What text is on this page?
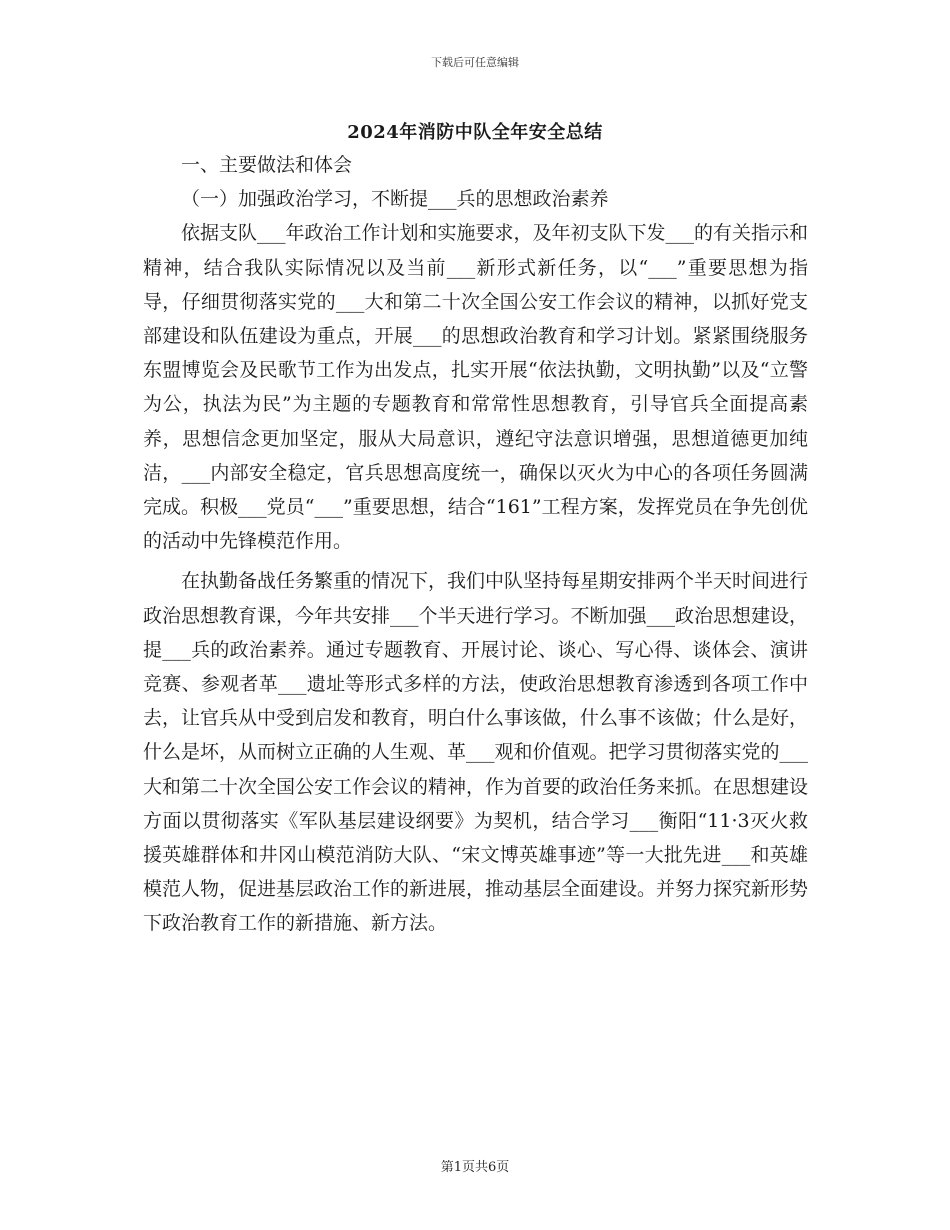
下载后可任意编辑
2024年消防中队全年安全总结

一、主要做法和体会

（一）加强政治学习，不断提___兵的思想政治素养

依据支队___年政治工作计划和实施要求，及年初支队下发___的有关指示和精神，结合我队实际情况以及当前___新形式新任务，以“___”重要思想为指导，仔细贯彻落实党的___大和第二十次全国公安工作会议的精神，以抓好党支部建设和队伍建设为重点，开展___的思想政治教育和学习计划。紧紧围绕服务东盟博览会及民歌节工作为出发点，扎实开展“依法执勤，文明执勤”以及“立警为公，执法为民”为主题的专题教育和常常性思想教育，引导官兵全面提高素养，思想信念更加坚定，服从大局意识，遵纪守法意识增强，思想道德更加纯洁，___内部安全稳定，官兵思想高度统一，确保以灭火为中心的各项任务圆满完成。积极___党员“___”重要思想，结合“161”工程方案，发挥党员在争先创优的活动中先锋模范作用。

在执勤备战任务繁重的情况下，我们中队坚持每星期安排两个半天时间进行政治思想教育课，今年共安排___个半天进行学习。不断加强___政治思想建设，提___兵的政治素养。通过专题教育、开展讨论、谈心、写心得、谈体会、演讲竞赛、参观者革___遗址等形式多样的方法，使政治思想教育渗透到各项工作中去，让官兵从中受到启发和教育，明白什么事该做，什么事不该做；什么是好，什么是坏，从而树立正确的人生观、革___观和价值观。把学习贯彻落实党的___大和第二十次全国公安工作会议的精神，作为首要的政治任务来抓。在思想建设方面以贯彻落实《军队基层建设纲要》为契机，结合学习___衡阳“11·3灭火救援英雄群体和井冈山模范消防大队、“宋文博英雄事迹”等一大批先进___和英雄模范人物，促进基层政治工作的新进展，推动基层全面建设。并努力探究新形势下政治教育工作的新措施、新方法。

第1页共6页
